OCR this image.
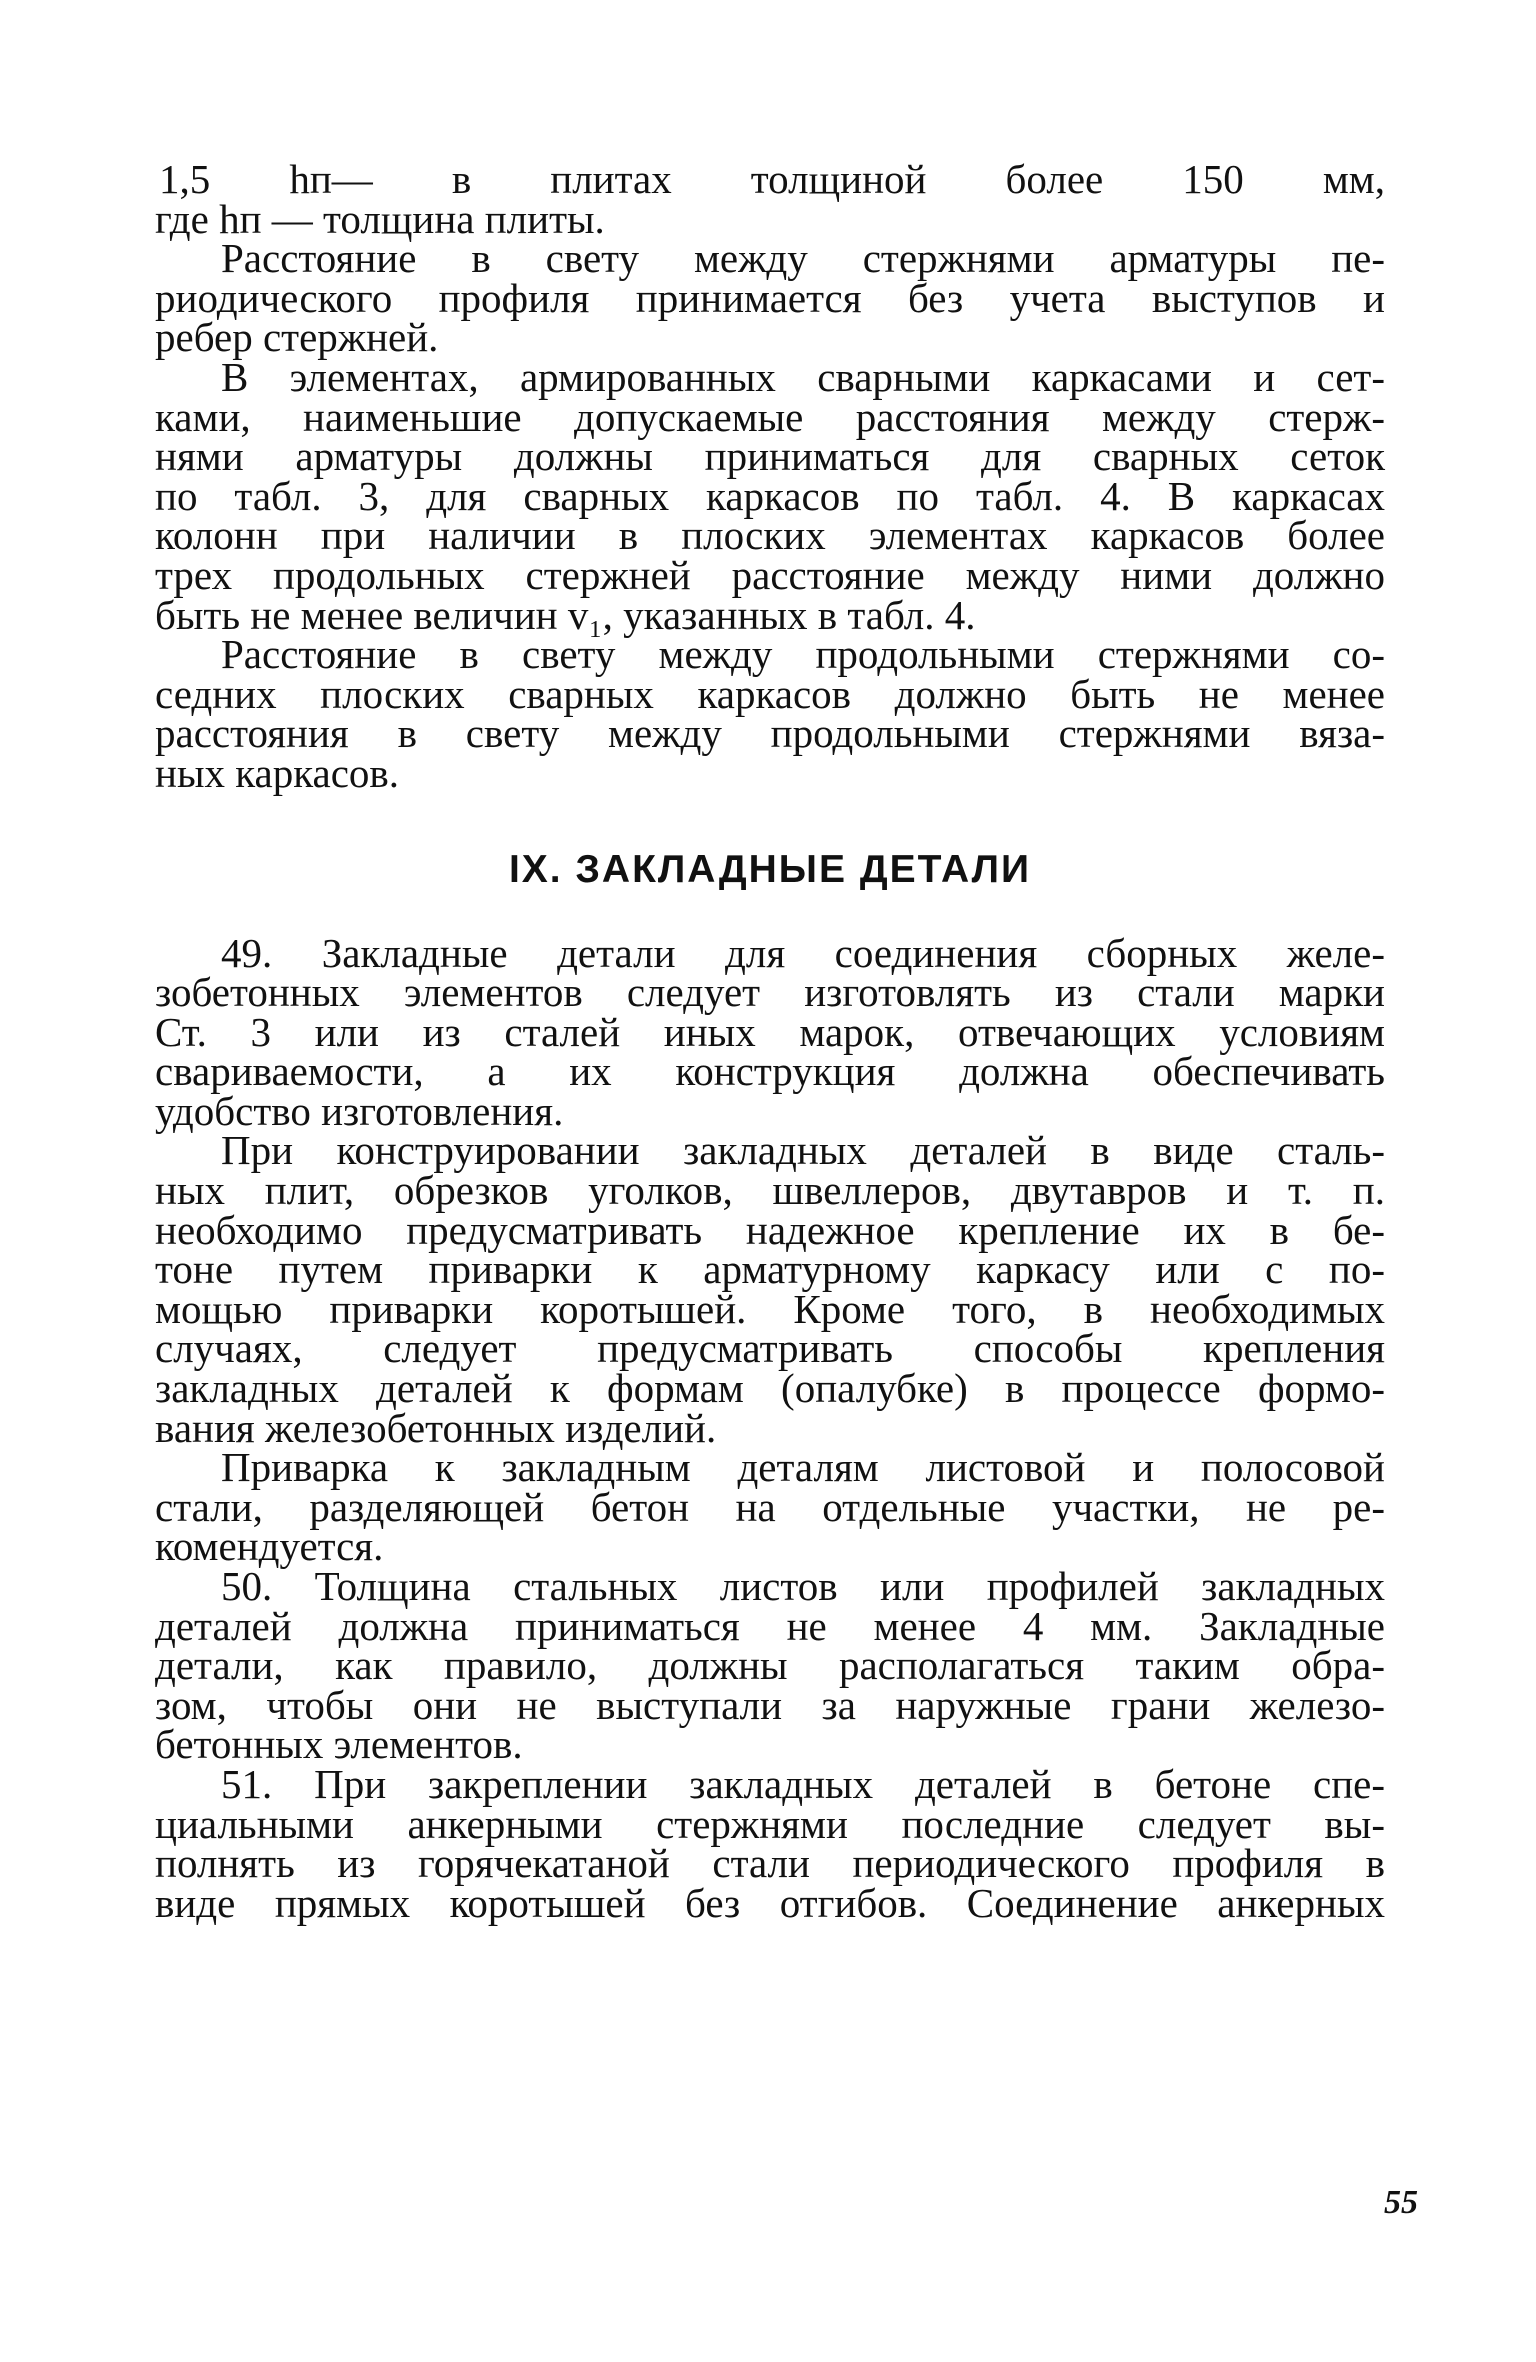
1,5 hп— в плитах толщиной более 150 мм,
где hп — толщина плиты.
Расстояние в свету между стержнями арматуры пе-
риодического профиля принимается без учета выступов и
ребер стержней.
В элементах, армированных сварными каркасами и сет-
ками, наименьшие допускаемые расстояния между стерж-
нями арматуры должны приниматься для сварных сеток
по табл. 3, для сварных каркасов по табл. 4. В каркасах
колонн при наличии в плоских элементах каркасов более
трех продольных стержней расстояние между ними должно
быть не менее величин v₁, указанных в табл. 4.
Расстояние в свету между продольными стержнями со-
седних плоских сварных каркасов должно быть не менее
расстояния в свету между продольными стержнями вяза-
ных каркасов.
IX. ЗАКЛАДНЫЕ ДЕТАЛИ
49. Закладные детали для соединения сборных желе-
зобетонных элементов следует изготовлять из стали марки
Ст. 3 или из сталей иных марок, отвечающих условиям
свариваемости, а их конструкция должна обеспечивать
удобство изготовления.
При конструировании закладных деталей в виде сталь-
ных плит, обрезков уголков, швеллеров, двутавров и т. п.
необходимо предусматривать надежное крепление их в бе-
тоне путем приварки к арматурному каркасу или с по-
мощью приварки коротышей. Кроме того, в необходимых
случаях, следует предусматривать способы крепления
закладных деталей к формам (опалубке) в процессе формо-
вания железобетонных изделий.
Приварка к закладным деталям листовой и полосовой
стали, разделяющей бетон на отдельные участки, не ре-
комендуется.
50. Толщина стальных листов или профилей закладных
деталей должна приниматься не менее 4 мм. Закладные
детали, как правило, должны располагаться таким обра-
зом, чтобы они не выступали за наружные грани железо-
бетонных элементов.
51. При закреплении закладных деталей в бетоне спе-
циальными анкерными стержнями последние следует вы-
полнять из горячекатаной стали периодического профиля в
виде прямых коротышей без отгибов. Соединение анкерных
55
